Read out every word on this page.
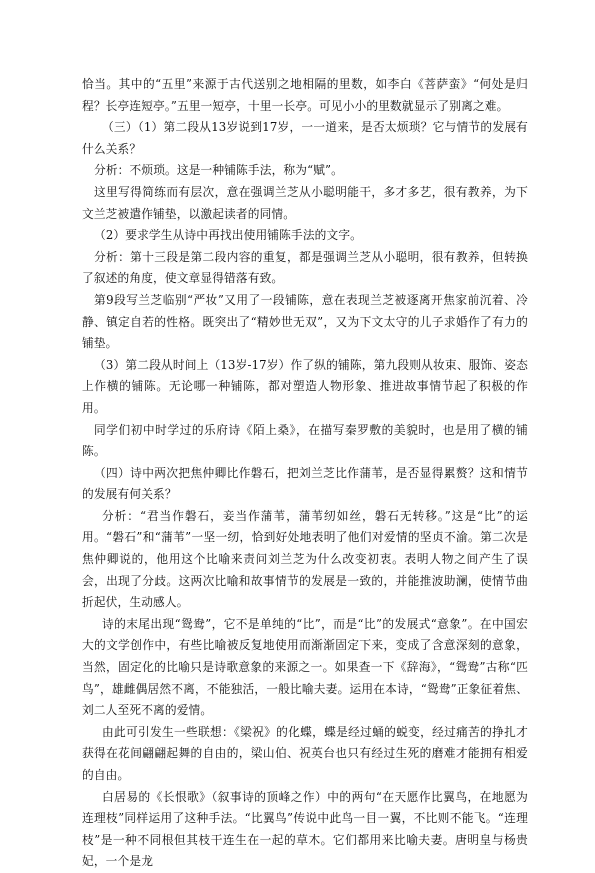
恰当。其中的“五里”来源于古代送别之地相隔的里数，如李白《菩萨蛮》“何处是归程？长亭连短亭。”五里一短亭，十里一长亭。可见小小的里数就显示了别离之难。

（三）（1）第二段从13岁说到17岁，一一道来，是否太烦琐？它与情节的发展有什么关系？

分析：不烦琐。这是一种铺陈手法，称为“赋”。

这里写得简练而有层次，意在强调兰芝从小聪明能干，多才多艺，很有教养，为下文兰芝被遣作铺垫，以激起读者的同情。

（2）要求学生从诗中再找出使用铺陈手法的文字。

分析：第十三段是第二段内容的重复，都是强调兰芝从小聪明，很有教养，但转换了叙述的角度，使文章显得错落有致。

第9段写兰芝临别“严妆”又用了一段铺陈，意在表现兰芝被逐离开焦家前沉着、冷静、镇定自若的性格。既突出了“精妙世无双”，又为下文太守的儿子求婚作了有力的铺垫。

（3）第二段从时间上（13岁-17岁）作了纵的铺陈，第九段则从妆束、服饰、姿态上作横的铺陈。无论哪一种铺陈，都对塑造人物形象、推进故事情节起了积极的作用。

同学们初中时学过的乐府诗《陌上桑》，在描写秦罗敷的美貌时，也是用了横的铺陈。

（四）诗中两次把焦仲卿比作磐石，把刘兰芝比作蒲苇，是否显得累赘？这和情节的发展有何关系？

分析：“君当作磐石，妾当作蒲苇，蒲苇纫如丝，磐石无转移。”这是“比”的运用。“磐石”和“蒲苇”一坚一纫，恰到好处地表明了他们对爱情的坚贞不渝。第二次是焦仲卿说的，他用这个比喻来责问刘兰芝为什么改变初衷。表明人物之间产生了误会，出现了分歧。这两次比喻和故事情节的发展是一致的，并能推波助澜，使情节曲折起伏，生动感人。

诗的末尾出现“鸳鸯”，它不是单纯的“比”，而是“比”的发展式“意象”。在中国宏大的文学创作中，有些比喻被反复地使用而渐渐固定下来，变成了含意深刻的意象，当然，固定化的比喻只是诗歌意象的来源之一。如果查一下《辞海》，“鸳鸯”古称“匹鸟”，雄雌偶居然不离，不能独活，一般比喻夫妻。运用在本诗，“鸳鸯”正象征着焦、刘二人至死不离的爱情。

由此可引发生一些联想：《梁祝》的化蝶，蝶是经过蛹的蜕变，经过痛苦的挣扎才获得在花间翩翩起舞的自由的，梁山伯、祝英台也只有经过生死的磨难才能拥有相爱的自由。

白居易的《长恨歌》（叙事诗的顶峰之作）中的两句“在天愿作比翼鸟，在地愿为连理枝”同样运用了这种手法。“比翼鸟”传说中此鸟一目一翼，不比则不能飞。“连理枝”是一种不同根但其枝干连生在一起的草木。它们都用来比喻夫妻。唐明皇与杨贵妃，一个是龙
